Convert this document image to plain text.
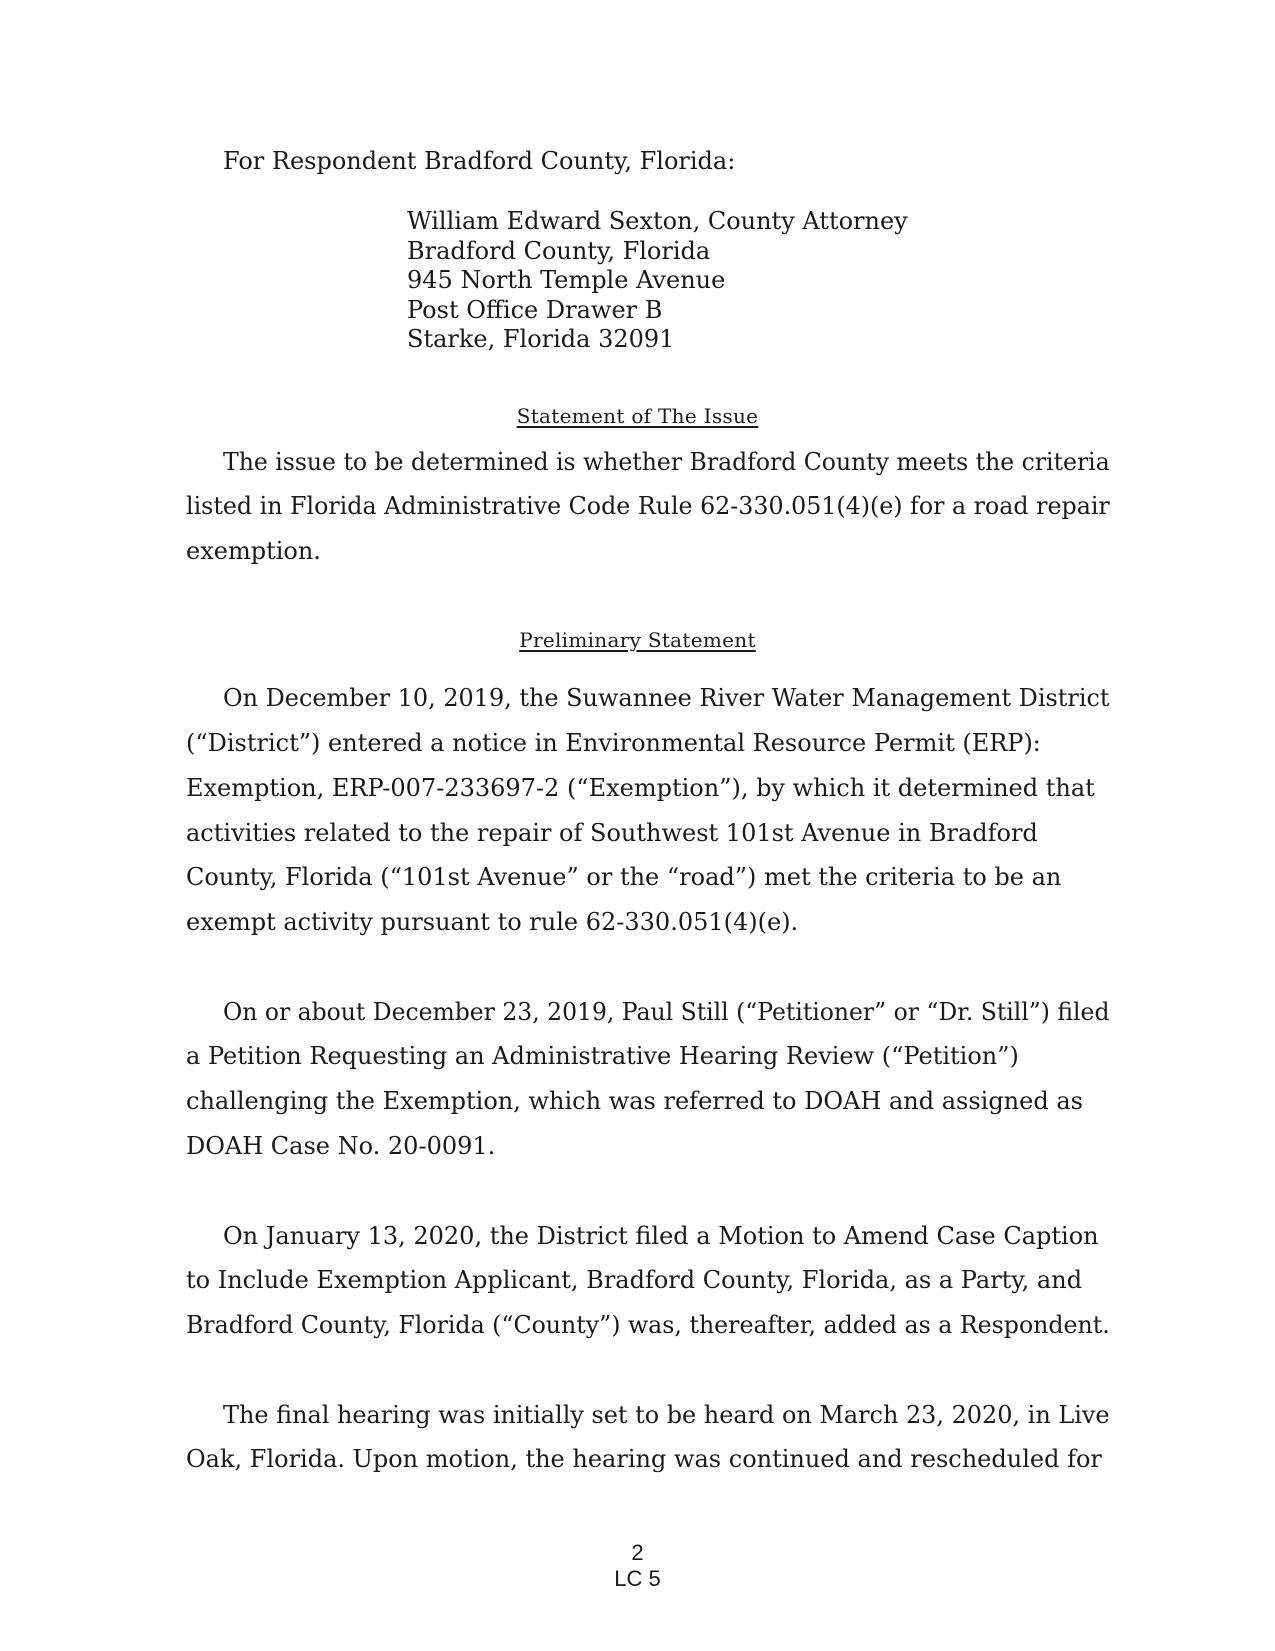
For Respondent Bradford County, Florida:
William Edward Sexton, County Attorney
Bradford County, Florida
945 North Temple Avenue
Post Office Drawer B
Starke, Florida 32091
Statement of The Issue
The issue to be determined is whether Bradford County meets the criteria
listed in Florida Administrative Code Rule 62-330.051(4)(e) for a road repair
exemption.
Preliminary Statement
On December 10, 2019, the Suwannee River Water Management District
(“District”) entered a notice in Environmental Resource Permit (ERP):
Exemption, ERP-007-233697-2 (“Exemption”), by which it determined that
activities related to the repair of Southwest 101st Avenue in Bradford
County, Florida (“101st Avenue” or the “road”) met the criteria to be an
exempt activity pursuant to rule 62-330.051(4)(e).
On or about December 23, 2019, Paul Still (“Petitioner” or “Dr. Still”) filed
a Petition Requesting an Administrative Hearing Review (“Petition”)
challenging the Exemption, which was referred to DOAH and assigned as
DOAH Case No. 20-0091.
On January 13, 2020, the District filed a Motion to Amend Case Caption
to Include Exemption Applicant, Bradford County, Florida, as a Party, and
Bradford County, Florida (“County”) was, thereafter, added as a Respondent.
The final hearing was initially set to be heard on March 23, 2020, in Live
Oak, Florida. Upon motion, the hearing was continued and rescheduled for
2
LC 5
